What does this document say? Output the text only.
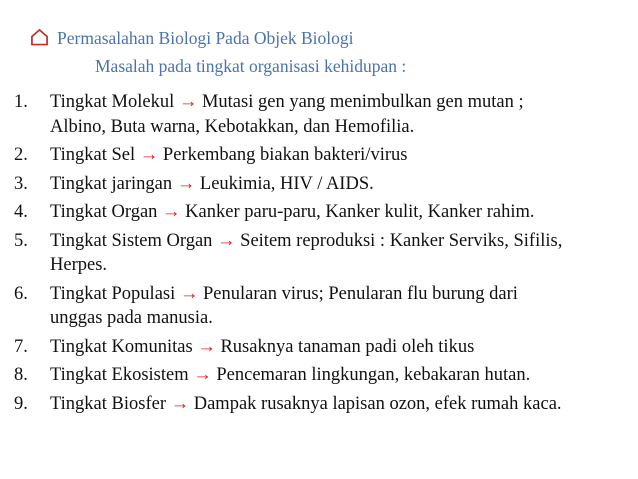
Permasalahan Biologi Pada Objek Biologi
Masalah pada tingkat organisasi kehidupan :
1.	Tingkat Molekul → Mutasi gen yang menimbulkan gen mutan ;
Albino, Buta warna, Kebotakkan, dan Hemofilia.
2.	Tingkat Sel → Perkembang biakan bakteri/virus
3.	Tingkat jaringan → Leukimia, HIV / AIDS.
4.	Tingkat Organ → Kanker paru-paru, Kanker kulit, Kanker rahim.
5.	Tingkat Sistem Organ → Seitem reproduksi : Kanker Serviks, Sifilis,
Herpes.
6.	Tingkat Populasi → Penularan virus; Penularan flu burung dari
unggas pada manusia.
7.	Tingkat Komunitas → Rusaknya tanaman padi oleh tikus
8.	Tingkat Ekosistem → Pencemaran lingkungan, kebakaran hutan.
9.	Tingkat Biosfer → Dampak rusaknya lapisan ozon, efek rumah kaca.
